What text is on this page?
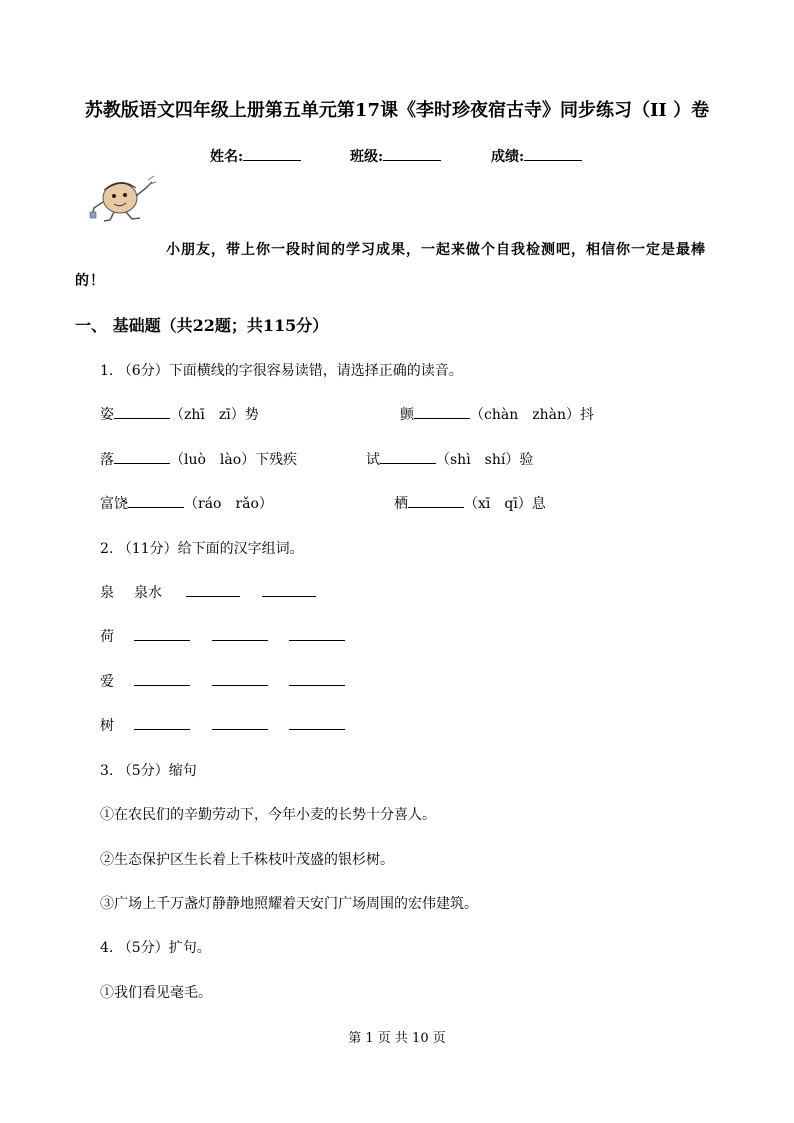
苏教版语文四年级上册第五单元第17课《李时珍夜宿古寺》同步练习（II ）卷
姓名:	班级:	成绩:
小朋友，带上你一段时间的学习成果，一起来做个自我检测吧，相信你一定是最棒
的！
一、 基础题（共22题；共115分）
1. （6分）下面横线的字很容易读错，请选择正确的读音。
姿	（zhī　zī）势	颤	（chàn　zhàn）抖
落	（luò　lào）下残疾	试	（shì　shí）验
富饶	（ráo　rǎo）	栖	（xī　qī）息
2. （11分）给下面的汉字组词。
泉 泉水
荷
爱
树
3. （5分）缩句
①在农民们的辛勤劳动下，今年小麦的长势十分喜人。
②生态保护区生长着上千株枝叶茂盛的银杉树。
③广场上千万盏灯静静地照耀着天安门广场周围的宏伟建筑。
4. （5分）扩句。
①我们看见毫毛。
第 1 页 共 10 页
